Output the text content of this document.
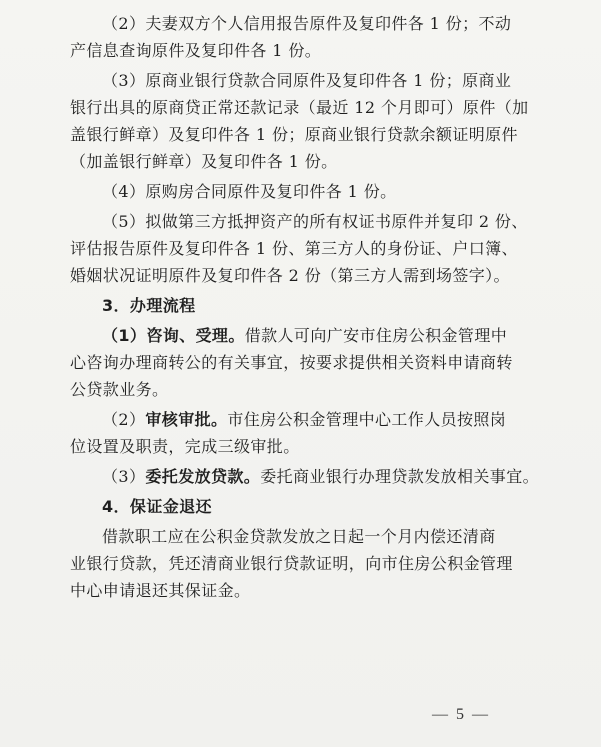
（2）夫妻双方个人信用报告原件及复印件各 1 份；不动
产信息查询原件及复印件各 1 份。

（3）原商业银行贷款合同原件及复印件各 1 份；原商业
银行出具的原商贷正常还款记录（最近 12 个月即可）原件（加
盖银行鲜章）及复印件各 1 份；原商业银行贷款余额证明原件
（加盖银行鲜章）及复印件各 1 份。

（4）原购房合同原件及复印件各 1 份。

（5）拟做第三方抵押资产的所有权证书原件并复印 2 份、
评估报告原件及复印件各 1 份、第三方人的身份证、户口簿、
婚姻状况证明原件及复印件各 2 份（第三方人需到场签字）。

3．办理流程

（1）咨询、受理。借款人可向广安市住房公积金管理中
心咨询办理商转公的有关事宜，按要求提供相关资料申请商转
公贷款业务。

（2）审核审批。市住房公积金管理中心工作人员按照岗
位设置及职责，完成三级审批。

（3）委托发放贷款。委托商业银行办理贷款发放相关事宜。

4．保证金退还

借款职工应在公积金贷款发放之日起一个月内偿还清商
业银行贷款，凭还清商业银行贷款证明，向市住房公积金管理
中心申请退还其保证金。

— 5 —
